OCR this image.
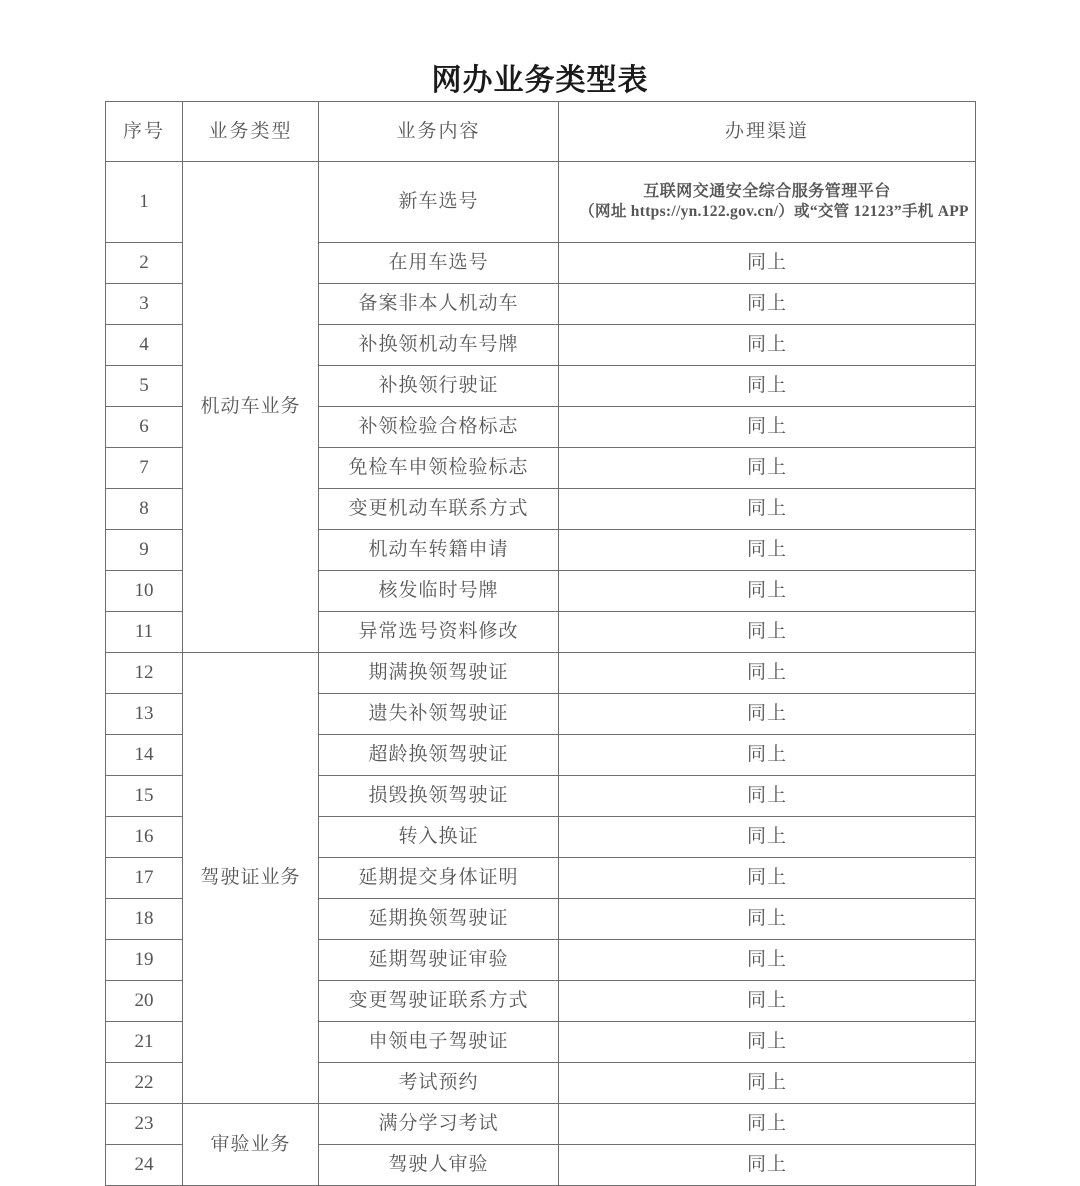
网办业务类型表
序号	业务类型	业务内容	办理渠道
1	机动车业务	新车选号	互联网交通安全综合服务管理平台
（网址 https://yn.122.gov.cn/）或“交管 12123”手机 APP

2		在用车选号	同上
3		备案非本人机动车	同上
4		补换领机动车号牌	同上
5		补换领行驶证	同上
6		补领检验合格标志	同上
7		免检车申领检验标志	同上
8		变更机动车联系方式	同上
9		机动车转籍申请	同上
10		核发临时号牌	同上
11		异常选号资料修改	同上
12	驾驶证业务	期满换领驾驶证	同上
13		遗失补领驾驶证	同上
14		超龄换领驾驶证	同上
15		损毁换领驾驶证	同上
16		转入换证	同上
17		延期提交身体证明	同上
18		延期换领驾驶证	同上
19		延期驾驶证审验	同上
20		变更驾驶证联系方式	同上
21		申领电子驾驶证	同上
22		考试预约	同上
23	审验业务	满分学习考试	同上
24		驾驶人审验	同上
